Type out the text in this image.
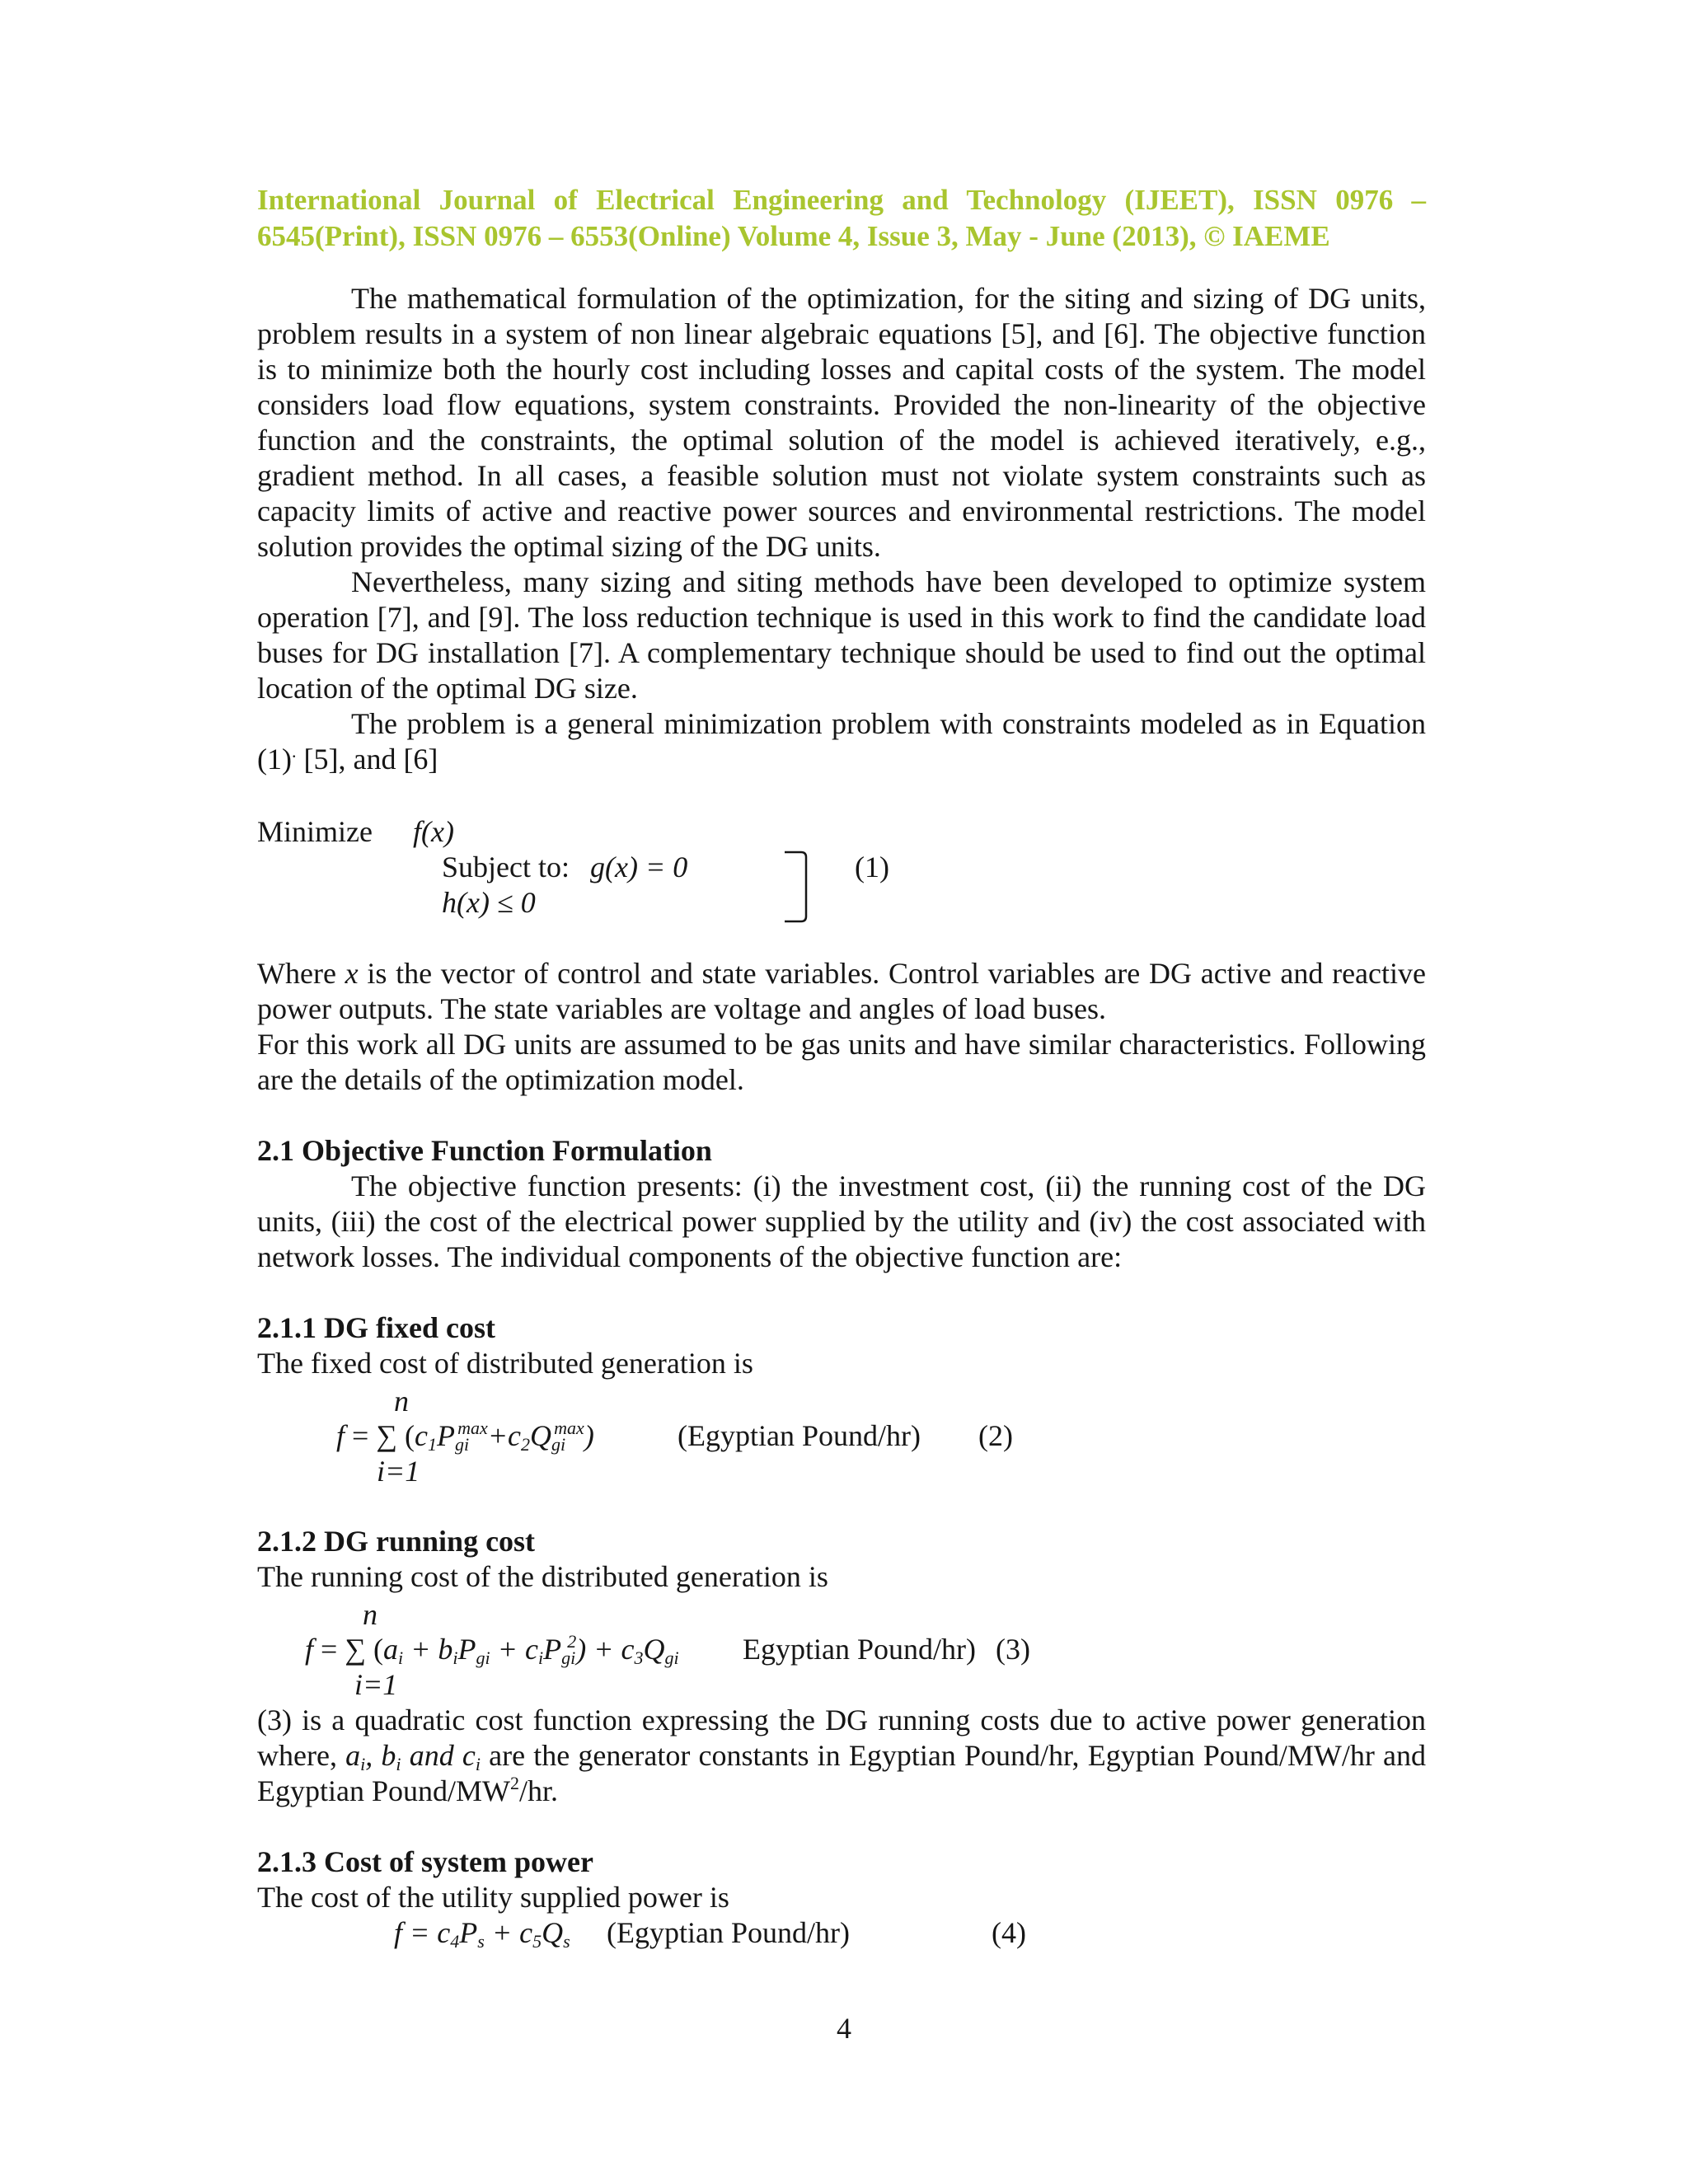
International Journal of Electrical Engineering and Technology (IJEET), ISSN 0976 –
6545(Print), ISSN 0976 – 6553(Online) Volume 4, Issue 3, May - June (2013), © IAEME

The mathematical formulation of the optimization, for the siting and sizing of DG units, problem results in a system of non linear algebraic equations [5], and [6]. The objective function is to minimize both the hourly cost including losses and capital costs of the system. The model considers load flow equations, system constraints. Provided the non-linearity of the objective function and the constraints, the optimal solution of the model is achieved iteratively, e.g., gradient method. In all cases, a feasible solution must not violate system constraints such as capacity limits of active and reactive power sources and environmental restrictions. The model solution provides the optimal sizing of the DG units.

Nevertheless, many sizing and siting methods have been developed to optimize system operation [7], and [9]. The loss reduction technique is used in this work to find the candidate load buses for DG installation [7]. A complementary technique should be used to find out the optimal location of the optimal DG size.

The problem is a general minimization problem with constraints modeled as in Equation (1). [5], and [6]

Minimize f(x)
Subject to: g(x) = 0
h(x) ≤ 0
(1)

Where x is the vector of control and state variables. Control variables are DG active and reactive power outputs. The state variables are voltage and angles of load buses.

For this work all DG units are assumed to be gas units and have similar characteristics. Following are the details of the optimization model.

2.1 Objective Function Formulation

The objective function presents: (i) the investment cost, (ii) the running cost of the DG units, (iii) the cost of the electrical power supplied by the utility and (iv) the cost associated with network losses. The individual components of the objective function are:

2.1.1 DG fixed cost

The fixed cost of distributed generation is

n
f = ∑ $(c_1P_{gi}^{max}+c_2Q_{gi}^{max})$	(Egyptian Pound/hr) (2)
i=1

2.1.2 DG running cost

The running cost of the distributed generation is

n
f = ∑ $(a_i + b_iP_{gi} + c_iP_{gi}^2) + c_3Q_{gi}$ Egyptian Pound/hr) (3)
i=1

(3) is a quadratic cost function expressing the DG running costs due to active power generation where, $a_i$, $b_i$ and $c_i$ are the generator constants in Egyptian Pound/hr, Egyptian Pound/MW/hr and Egyptian Pound/$MW^2/hr$.

2.1.3 Cost of system power

The cost of the utility supplied power is

$f = c_4P_s + c_5Q_s$ (Egyptian Pound/hr)	(4)
4
